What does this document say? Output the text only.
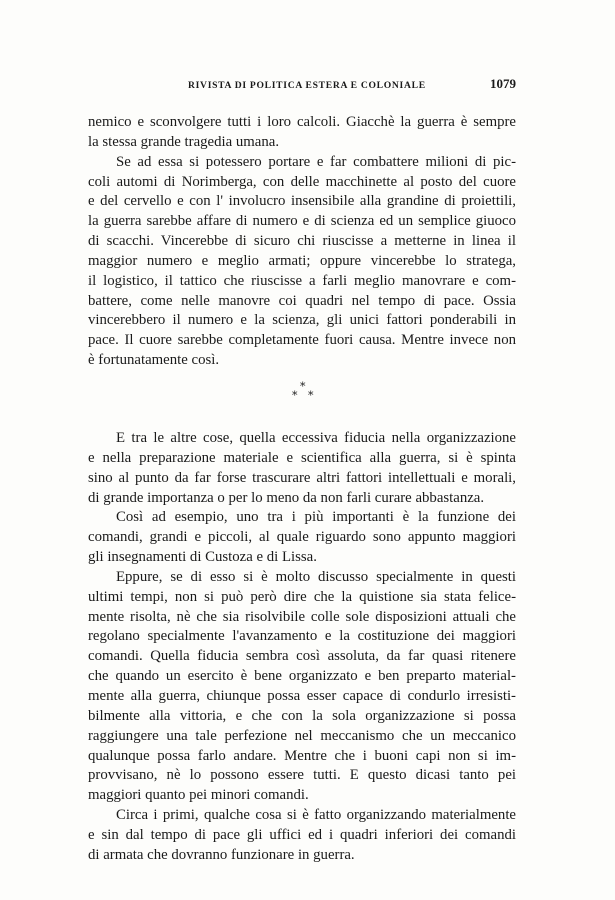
RIVISTA DI POLITICA ESTERA E COLONIALE	1079

nemico e sconvolgere tutti i loro calcoli. Giacchè la guerra è sempre
la stessa grande tragedia umana.

Se ad essa si potessero portare e far combattere milioni di pic-
coli automi di Norimberga, con delle macchinette al posto del cuore
e del cervello e con l' involucro insensibile alla grandine di proiettili,
la guerra sarebbe affare di numero e di scienza ed un semplice giuoco
di scacchi. Vincerebbe di sicuro chi riuscisse a metterne in linea il
maggior numero e meglio armati; oppure vincerebbe lo stratega,
il logistico, il tattico che riuscisse a farli meglio manovrare e com-
battere, come nelle manovre coi quadri nel tempo di pace. Ossia
vincerebbero il numero e la scienza, gli unici fattori ponderabili in
pace. Il cuore sarebbe completamente fuori causa. Mentre invece non
è fortunatamente così.

*
* *

E tra le altre cose, quella eccessiva fiducia nella organizzazione
e nella preparazione materiale e scientifica alla guerra, si è spinta
sino al punto da far forse trascurare altri fattori intellettuali e morali,
di grande importanza o per lo meno da non farli curare abbastanza.

Così ad esempio, uno tra i più importanti è la funzione dei
comandi, grandi e piccoli, al quale riguardo sono appunto maggiori
gli insegnamenti di Custoza e di Lissa.

Eppure, se di esso si è molto discusso specialmente in questi
ultimi tempi, non si può però dire che la quistione sia stata felice-
mente risolta, nè che sia risolvibile colle sole disposizioni attuali che
regolano specialmente l'avanzamento e la costituzione dei maggiori
comandi. Quella fiducia sembra così assoluta, da far quasi ritenere
che quando un esercito è bene organizzato e ben preparto material-
mente alla guerra, chiunque possa esser capace di condurlo irresisti-
bilmente alla vittoria, e che con la sola organizzazione si possa
raggiungere una tale perfezione nel meccanismo che un meccanico
qualunque possa farlo andare. Mentre che i buoni capi non si im-
provvisano, nè lo possono essere tutti. E questo dicasi tanto pei
maggiori quanto pei minori comandi.

Circa i primi, qualche cosa si è fatto organizzando materialmente
e sin dal tempo di pace gli uffici ed i quadri inferiori dei comandi
di armata che dovranno funzionare in guerra.
